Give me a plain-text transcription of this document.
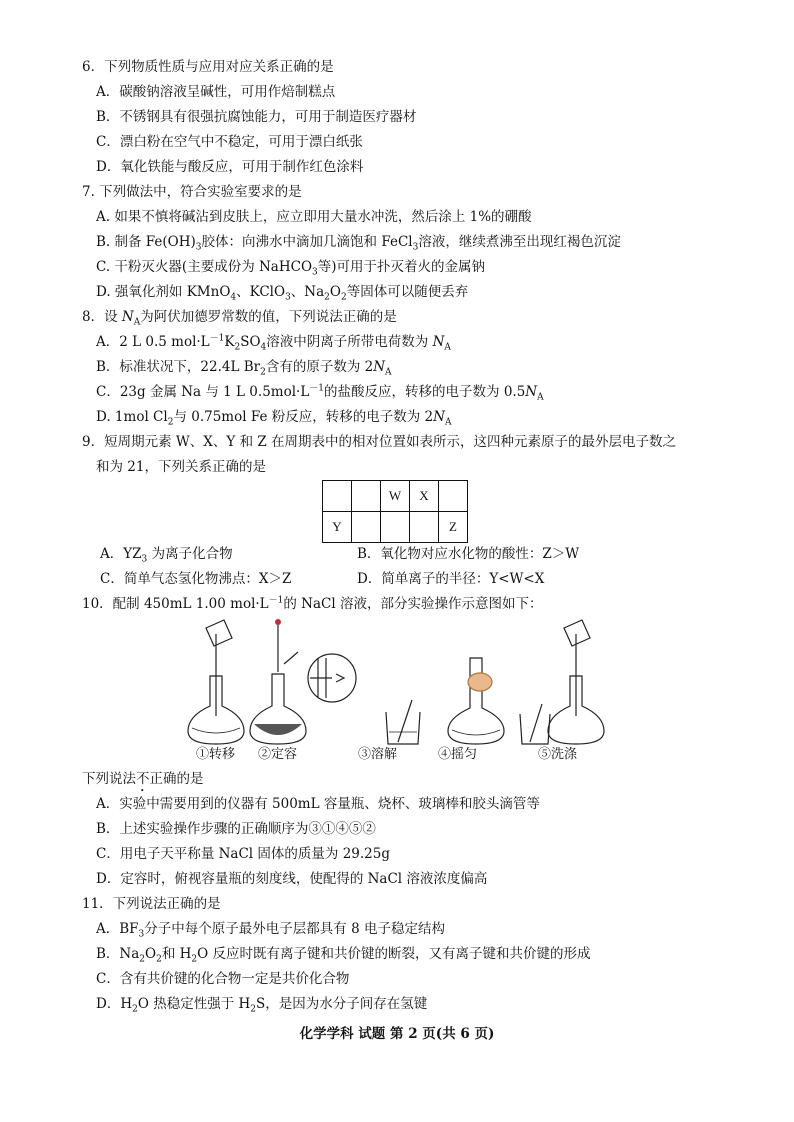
6．下列物质性质与应用对应关系正确的是
A．碳酸钠溶液呈碱性，可用作焙制糕点
B．不锈钢具有很强抗腐蚀能力，可用于制造医疗器材
C．漂白粉在空气中不稳定，可用于漂白纸张
D．氧化铁能与酸反应，可用于制作红色涂料
7. 下列做法中，符合实验室要求的是
A. 如果不慎将碱沾到皮肤上，应立即用大量水冲洗，然后涂上 1%的硼酸
B. 制备 $Fe(OH)_3$胶体：向沸水中滴加几滴饱和 FeCl$_3$溶液，继续煮沸至出现红褐色沉淀
C. 干粉灭火器(主要成份为 NaHCO$_3$等)可用于扑灭着火的金属钠
D. 强氧化剂如 KMnO$_4$、KClO$_3$、$Na_2O_2$等固体可以随便丢弃
8．设 $N_A$为阿伏加德罗常数的值，下列说法正确的是
A．2 L 0.5 $mol\cdot L^{-1}K_2SO_4$溶液中阴离子所带电荷数为 $N_A$
B．标准状况下，22.4L $Br_2$含有的原子数为 $2N_A$
C．23g 金属 Na 与 1 L $0.5mol\cdot L^{-1}$的盐酸反应，转移的电子数为 $0.5N_A$
D. 1mol $Cl_2$与 0.75mol Fe 粉反应，转移的电子数为 $2N_A$
9．短周期元素 W、X、Y 和 Z 在周期表中的相对位置如表所示，这四种元素原子的最外层电子数之
和为 21，下列关系正确的是
		W	X	
Y				Z
A．$YZ_3$ 为离子化合物	B．氧化物对应水化物的酸性：Z＞W
C．简单气态氢化物沸点：X＞Z	D．简单离子的半径：Y<W<X
10．配制 450mL 1.00 $mol\cdot L^{-1}$的 NaCl 溶液，部分实验操作示意图如下：
①转移 ②定容	③溶解	④摇匀	⑤洗涤
下列说法不正确的是
A．实验中需要用到的仪器有 500mL 容量瓶、烧杯、玻璃棒和胶头滴管等
B．上述实验操作步骤的正确顺序为③①④⑤②
C．用电子天平称量 NaCl 固体的质量为 29.25g
D．定容时，俯视容量瓶的刻度线，使配得的 NaCl 溶液浓度偏高
11．下列说法正确的是
A．$BF_3$分子中每个原子最外电子层都具有 8 电子稳定结构
B．$Na_2O_2$和 $H_2O$ 反应时既有离子键和共价键的断裂，又有离子键和共价键的形成
C．含有共价键的化合物一定是共价化合物
D．$H_2O$ 热稳定性强于 $H_2S$，是因为水分子间存在氢键
化学学科 试题 第 2 页(共 6 页)
